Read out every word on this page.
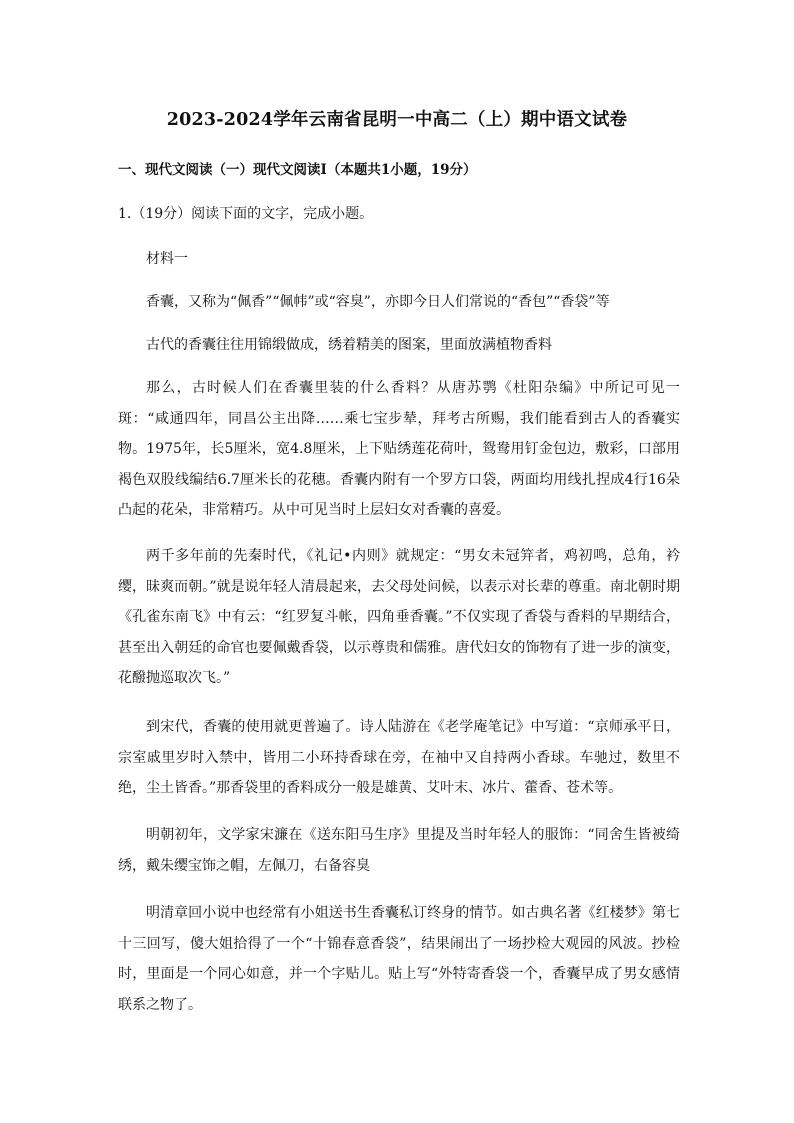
2023-2024学年云南省昆明一中高二（上）期中语文试卷
一、现代文阅读（一）现代文阅读Ⅰ（本题共1小题，19分）
1.（19分）阅读下面的文字，完成小题。
材料一
香囊，又称为“佩香”“佩帏”或“容臭”，亦即今日人们常说的“香包”“香袋”等
古代的香囊往往用锦缎做成，绣着精美的图案，里面放满植物香料
那么，古时候人们在香囊里装的什么香料？从唐苏鹗《杜阳杂编》中所记可见一斑：“咸通四年，同昌公主出降……乘七宝步辇，拜考古所赐，我们能看到古人的香囊实物。1975年，长5厘米，宽4.8厘米，上下贴绣莲花荷叶，鸳鸯用钉金包边，敷彩，口部用褐色双股线编结6.7厘米长的花穗。香囊内附有一个罗方口袋，两面均用线扎捏成4行16朵凸起的花朵，非常精巧。从中可见当时上层妇女对香囊的喜爱。
两千多年前的先秦时代，《礼记•内则》就规定：“男女未冠笄者，鸡初鸣，总角，衿缨，昧爽而朝。”就是说年轻人清晨起来，去父母处问候，以表示对长辈的尊重。南北朝时期《孔雀东南飞》中有云：“红罗复斗帐，四角垂香囊。”不仅实现了香袋与香料的早期结合，甚至出入朝廷的命官也要佩戴香袋，以示尊贵和儒雅。唐代妇女的饰物有了进一步的演变，花醱抛巡取次飞。”
到宋代，香囊的使用就更普遍了。诗人陆游在《老学庵笔记》中写道：“京师承平日，宗室戚里岁时入禁中，皆用二小环持香球在旁，在袖中又自持两小香球。车驰过，数里不绝，尘土皆香。”那香袋里的香料成分一般是雄黄、艾叶末、冰片、藿香、苍术等。
明朝初年，文学家宋濂在《送东阳马生序》里提及当时年轻人的服饰：“同舍生皆被绮绣，戴朱缨宝饰之帽，左佩刀，右备容臭
明清章回小说中也经常有小姐送书生香囊私订终身的情节。如古典名著《红楼梦》第七十三回写，傻大姐拾得了一个“十锦春意香袋”，结果闹出了一场抄检大观园的风波。抄检时，里面是一个同心如意，并一个字贴儿。贴上写“外特寄香袋一个，香囊早成了男女感情联系之物了。
